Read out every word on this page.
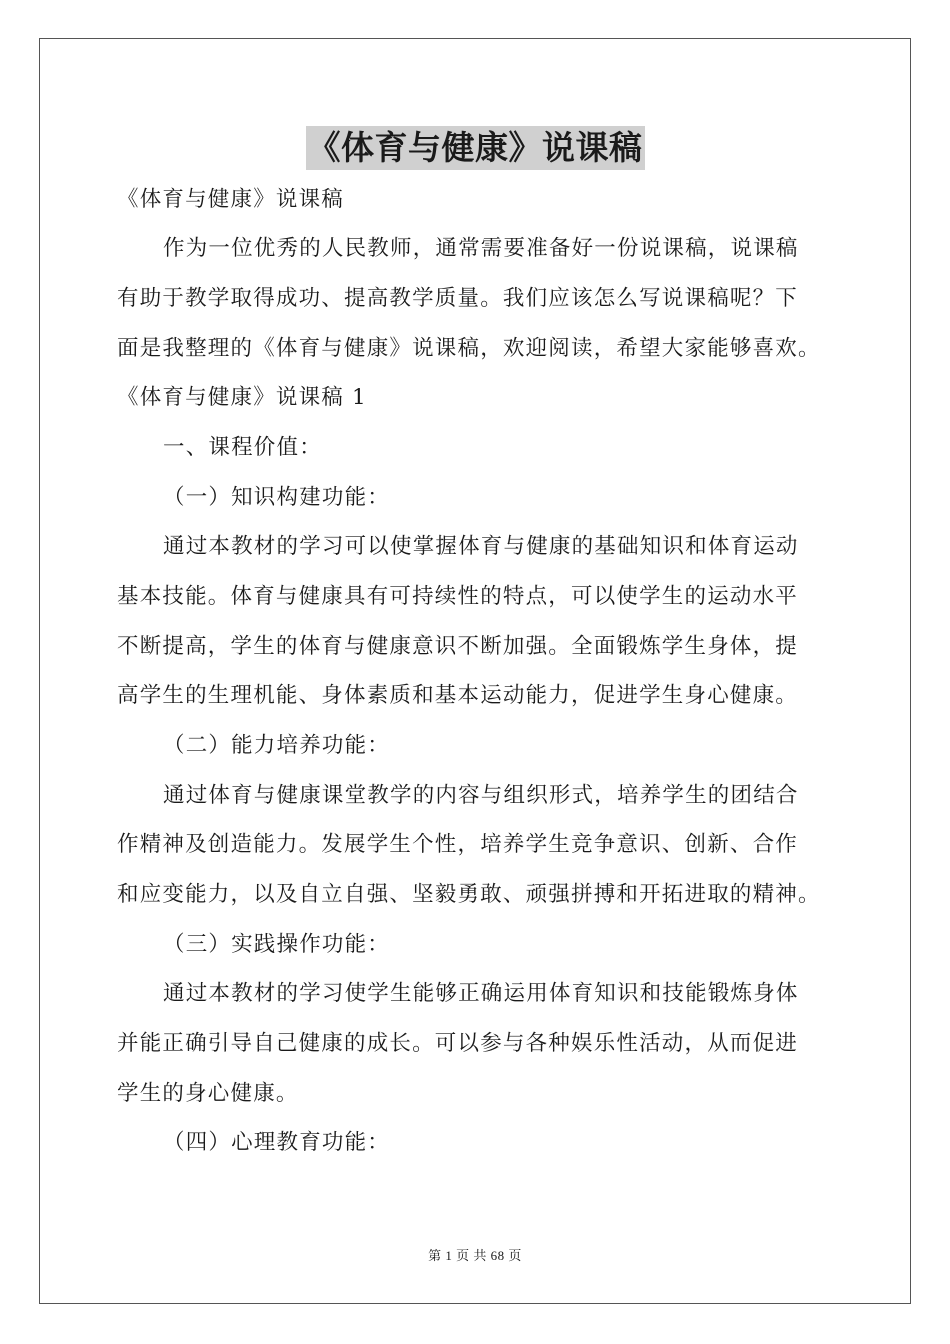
《体育与健康》说课稿
《体育与健康》说课稿
作为一位优秀的人民教师，通常需要准备好一份说课稿，说课稿
有助于教学取得成功、提高教学质量。我们应该怎么写说课稿呢？下
面是我整理的《体育与健康》说课稿，欢迎阅读，希望大家能够喜欢。
《体育与健康》说课稿 1
一、课程价值：
（一）知识构建功能：
通过本教材的学习可以使掌握体育与健康的基础知识和体育运动
基本技能。体育与健康具有可持续性的特点，可以使学生的运动水平
不断提高，学生的体育与健康意识不断加强。全面锻炼学生身体，提
高学生的生理机能、身体素质和基本运动能力，促进学生身心健康。
（二）能力培养功能：
通过体育与健康课堂教学的内容与组织形式，培养学生的团结合
作精神及创造能力。发展学生个性，培养学生竞争意识、创新、合作
和应变能力，以及自立自强、坚毅勇敢、顽强拼搏和开拓进取的精神。
（三）实践操作功能：
通过本教材的学习使学生能够正确运用体育知识和技能锻炼身体
并能正确引导自己健康的成长。可以参与各种娱乐性活动，从而促进
学生的身心健康。
（四）心理教育功能：
第 1 页 共 68 页
